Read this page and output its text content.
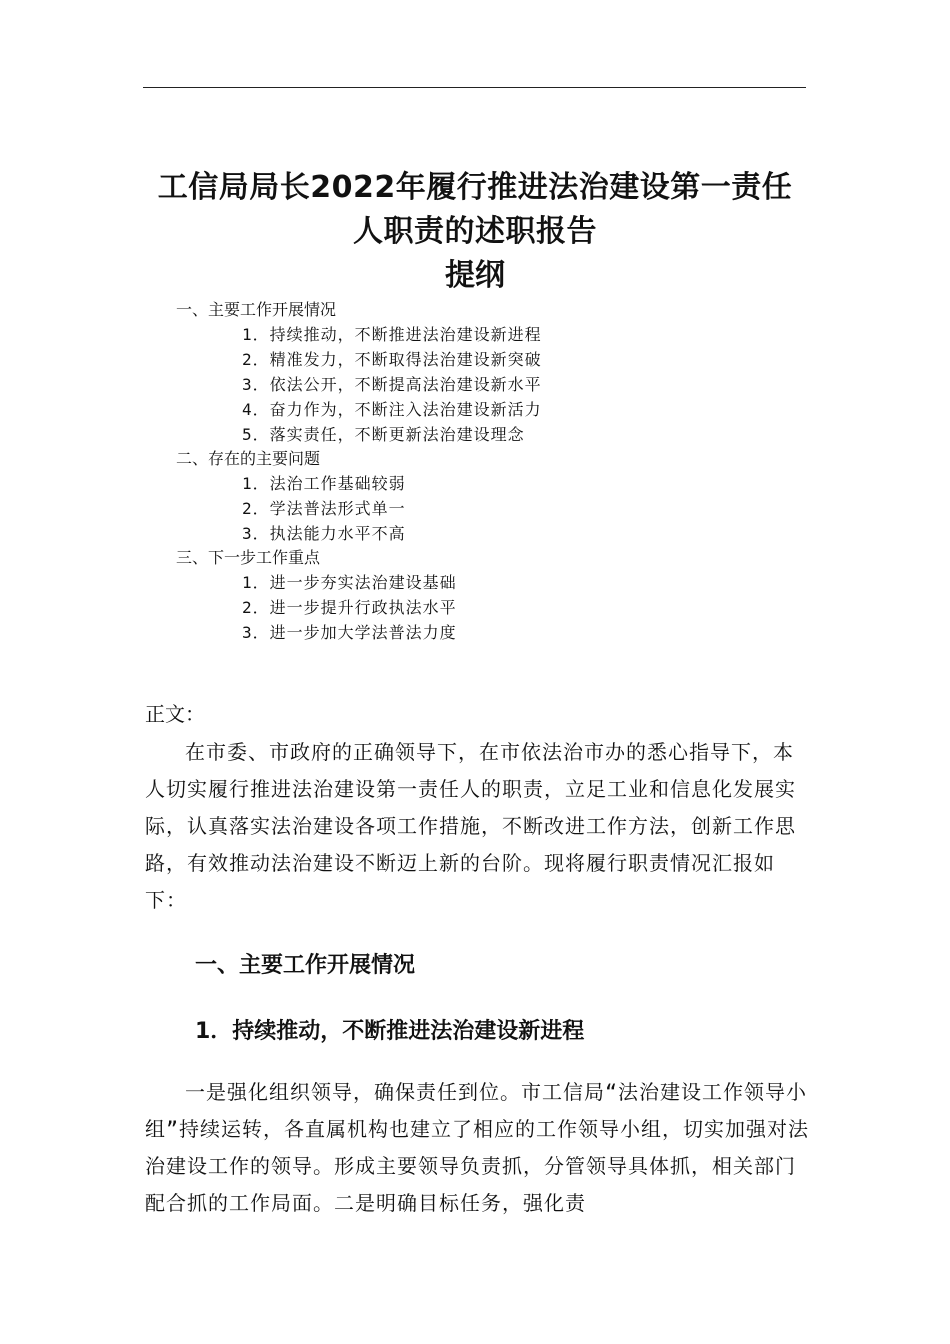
工信局局长2022年履行推进法治建设第一责任
人职责的述职报告
提纲
一、主要工作开展情况
1．持续推动，不断推进法治建设新进程
2．精准发力，不断取得法治建设新突破
3．依法公开，不断提高法治建设新水平
4．奋力作为，不断注入法治建设新活力
5．落实责任，不断更新法治建设理念
二、存在的主要问题
1．法治工作基础较弱
2．学法普法形式单一
3．执法能力水平不高
三、下一步工作重点
1．进一步夯实法治建设基础
2．进一步提升行政执法水平
3．进一步加大学法普法力度
正文：

在市委、市政府的正确领导下，在市依法治市办的悉心指导下，本人切实履行推进法治建设第一责任人的职责，立足工业和信息化发展实际，认真落实法治建设各项工作措施，不断改进工作方法，创新工作思路，有效推动法治建设不断迈上新的台阶。现将履行职责情况汇报如下：

一、主要工作开展情况
1．持续推动，不断推进法治建设新进程

一是强化组织领导，确保责任到位。市工信局“法治建设工作领导小组”持续运转，各直属机构也建立了相应的工作领导小组，切实加强对法治建设工作的领导。形成主要领导负责抓，分管领导具体抓，相关部门配合抓的工作局面。二是明确目标任务，强化责
